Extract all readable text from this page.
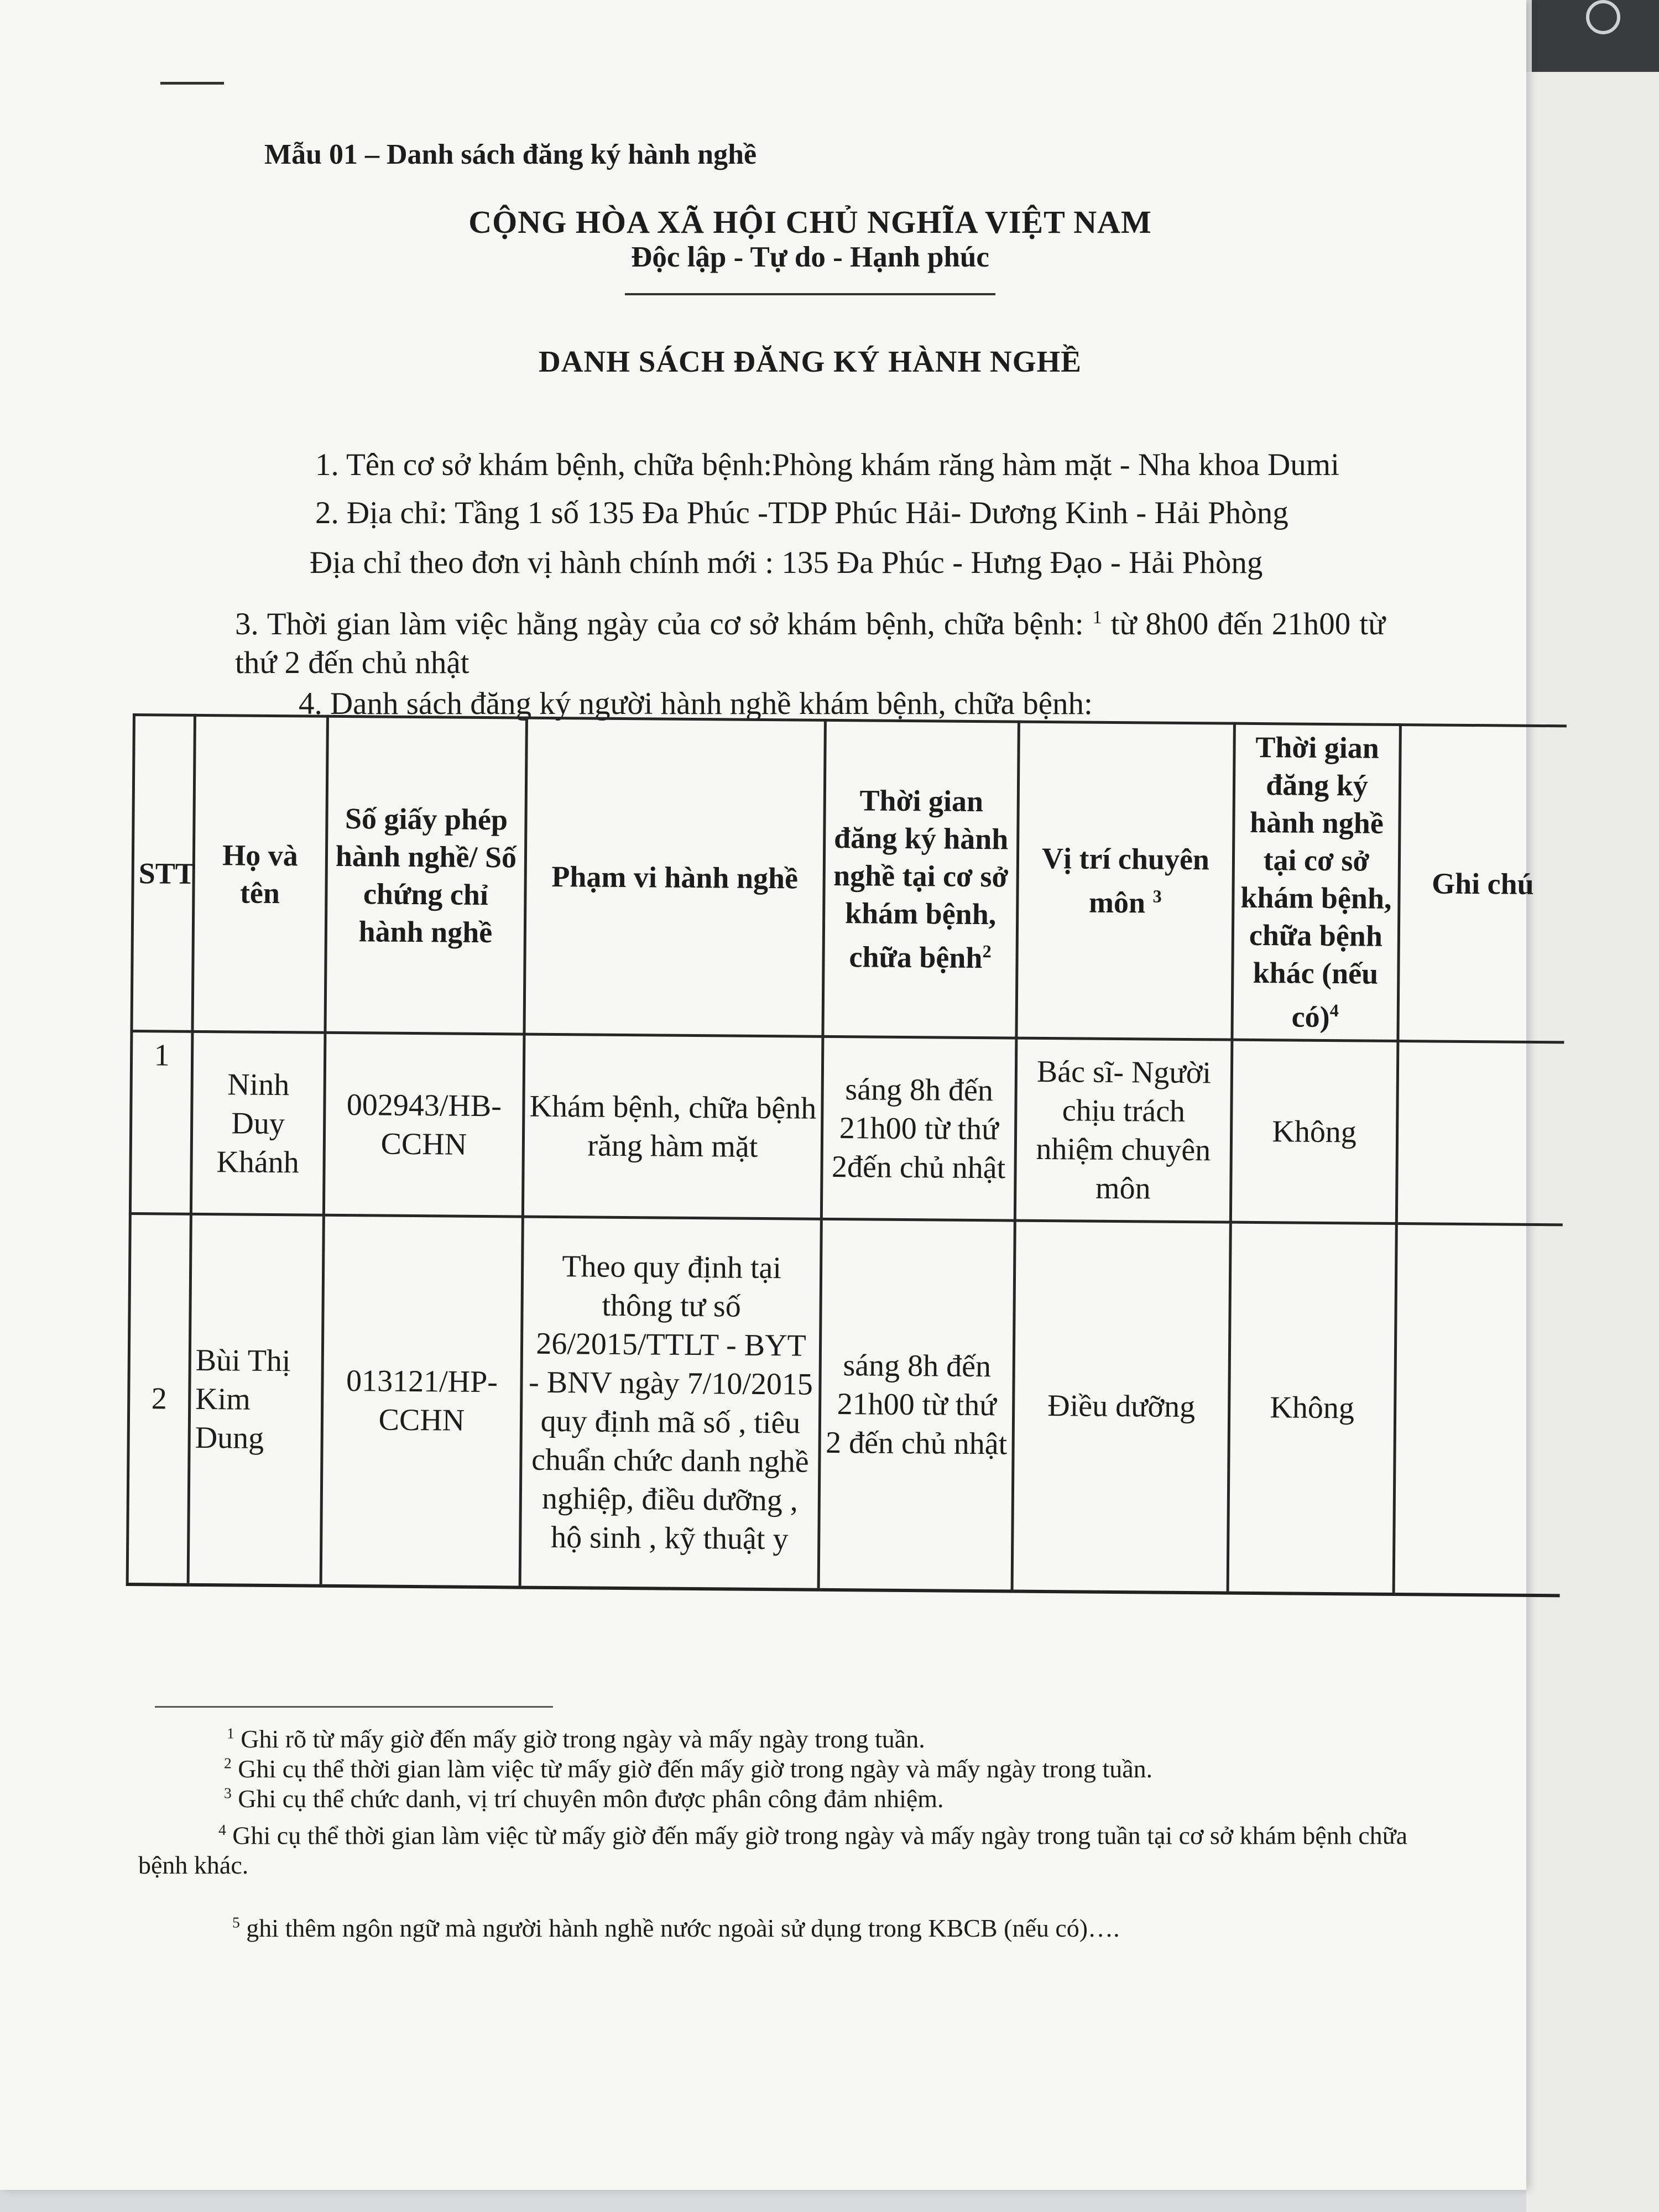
Mẫu 01 – Danh sách đăng ký hành nghề
CỘNG HÒA XÃ HỘI CHỦ NGHĨA VIỆT NAM
Độc lập - Tự do - Hạnh phúc
DANH SÁCH ĐĂNG KÝ HÀNH NGHỀ
1. Tên cơ sở khám bệnh, chữa bệnh:Phòng khám răng hàm mặt - Nha khoa Dumi
2. Địa chỉ: Tầng 1 số 135 Đa Phúc -TDP Phúc Hải- Dương Kinh - Hải Phòng
Địa chỉ theo đơn vị hành chính mới : 135 Đa Phúc - Hưng Đạo - Hải Phòng
3. Thời gian làm việc hằng ngày của cơ sở khám bệnh, chữa bệnh: $^1$ từ 8h00 đến 21h00 từ thứ 2 đến chủ nhật
4. Danh sách đăng ký người hành nghề khám bệnh, chữa bệnh:
STT	Họ và tên	Số giấy phép hành nghề/ Số chứng chỉ hành nghề	Phạm vi hành nghề	Thời gian đăng ký hành nghề tại cơ sở khám bệnh, chữa bệnh$^2$	Vị trí chuyên môn $^3$	Thời gian đăng ký hành nghề tại cơ sở khám bệnh, chữa bệnh khác (nếu có)$^4$	Ghi chú
1	Ninh Duy Khánh	002943/HB-CCHN	Khám bệnh, chữa bệnh răng hàm mặt	sáng 8h đến 21h00 từ thứ 2đến chủ nhật	Bác sĩ- Người chịu trách nhiệm chuyên môn	Không	
2	Bùi Thị Kim Dung	013121/HP-CCHN	Theo quy định tại thông tư số 26/2015/TTLT - BYT - BNV ngày 7/10/2015 quy định mã số , tiêu chuẩn chức danh nghề nghiệp, điều dưỡng , hộ sinh , kỹ thuật y	sáng 8h đến 21h00 từ thứ 2 đến chủ nhật	Điều dưỡng	Không	
$^1$ Ghi rõ từ mấy giờ đến mấy giờ trong ngày và mấy ngày trong tuần.
$^2$ Ghi cụ thể thời gian làm việc từ mấy giờ đến mấy giờ trong ngày và mấy ngày trong tuần.
$^3$ Ghi cụ thể chức danh, vị trí chuyên môn được phân công đảm nhiệm.
$^4$ Ghi cụ thể thời gian làm việc từ mấy giờ đến mấy giờ trong ngày và mấy ngày trong tuần tại cơ sở khám bệnh chữa bệnh khác.
$^5$ ghi thêm ngôn ngữ mà người hành nghề nước ngoài sử dụng trong KBCB (nếu có)….
